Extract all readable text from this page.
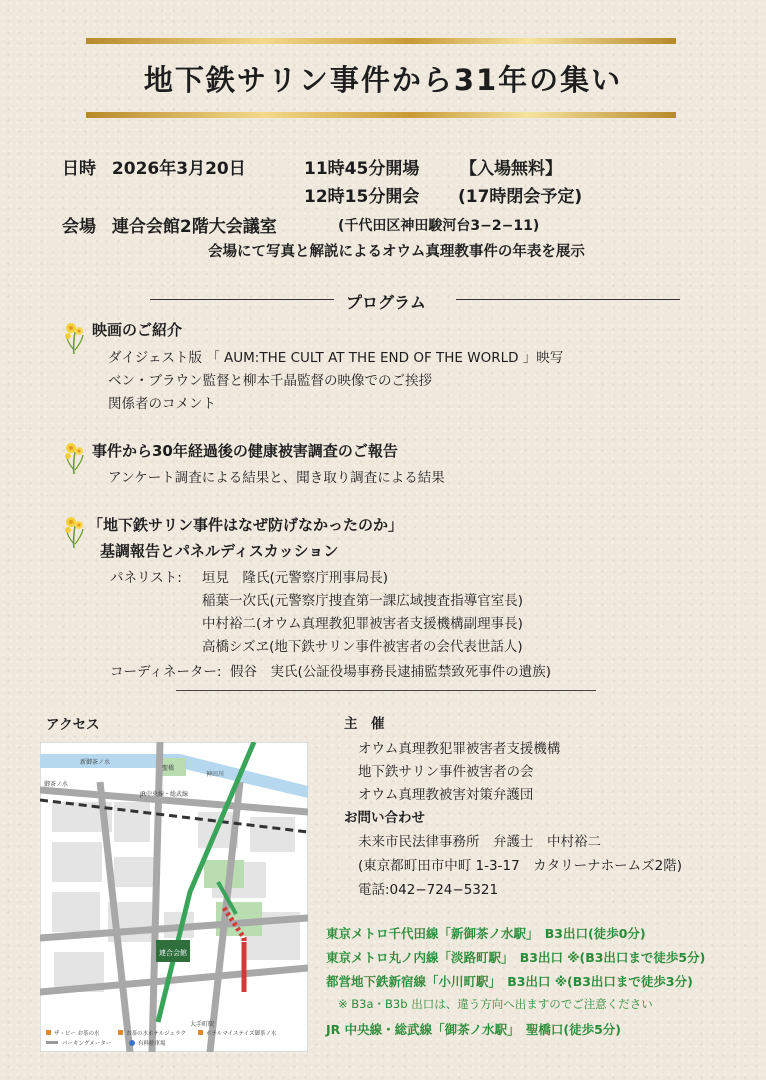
地下鉄サリン事件から31年の集い
日時 2026年3月20日	11時45分開場 【入場無料】
12時15分開会 (17時閉会予定)
会場 連合会館2階大会議室	(千代田区神田駿河台3−2−11)
会場にて写真と解説によるオウム真理教事件の年表を展示
プログラム
映画のご紹介
ダイジェスト版 「 AUM:THE CULT AT THE END OF THE WORLD 」映写
ベン・ブラウン監督と柳本千晶監督の映像でのご挨拶
関係者のコメント
事件から30年経過後の健康被害調査のご報告
アンケート調査による結果と、聞き取り調査による結果
「地下鉄サリン事件はなぜ防げなかったのか」
基調報告とパネルディスカッション
パネリスト: 垣見　隆氏(元警察庁刑事局長)
稲葉一次氏(元警察庁捜査第一課広域捜査指導官室長)
中村裕二(オウム真理教犯罪被害者支援機構副理事長)
高橋シズヱ(地下鉄サリン事件被害者の会代表世話人)
コーディネーター: 假谷　実氏(公証役場事務長逮捕監禁致死事件の遺族)
アクセス
連合会館
新御茶ノ水
御茶ノ水
JR中央線・総武線
聖橋
神田川
大手町駅
ザ・ビー お茶の水	お茶の水ホテルジュラク	ホテルマイステイズ御茶ノ水
パーキングメーター	有料駐車場
主　催
オウム真理教犯罪被害者支援機構
地下鉄サリン事件被害者の会
オウム真理教被害対策弁護団
お問い合わせ
未来市民法律事務所　弁護士　中村裕二
(東京都町田市中町 1-3-17　カタリーナホームズ2階)
電話:042−724−5321
東京メトロ千代田線「新御茶ノ水駅」　B3出口(徒歩0分)
東京メトロ丸ノ内線「淡路町駅」　B3出口 ※(B3出口まで徒歩5分)
都営地下鉄新宿線「小川町駅」　B3出口 ※(B3出口まで徒歩3分)
※ B3a・B3b 出口は、違う方向へ出ますのでご注意ください
JR 中央線・総武線「御茶ノ水駅」　聖橋口(徒歩5分)
